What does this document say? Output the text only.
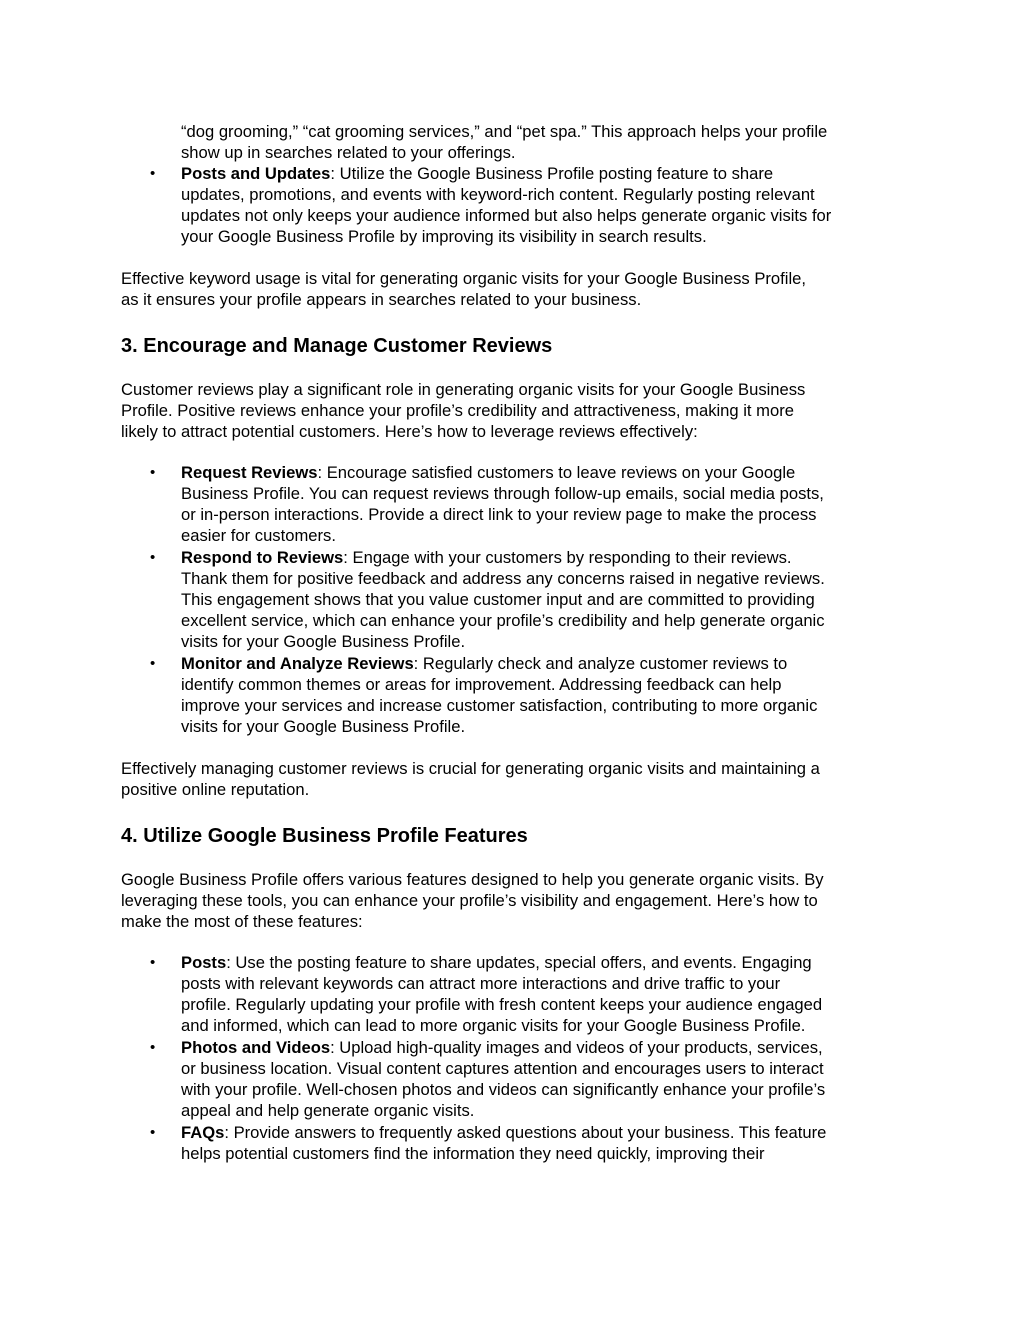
“dog grooming,” “cat grooming services,” and “pet spa.” This approach helps your profile
show up in searches related to your offerings.
• Posts and Updates: Utilize the Google Business Profile posting feature to share
updates, promotions, and events with keyword-rich content. Regularly posting relevant
updates not only keeps your audience informed but also helps generate organic visits for
your Google Business Profile by improving its visibility in search results.
Effective keyword usage is vital for generating organic visits for your Google Business Profile,
as it ensures your profile appears in searches related to your business.
3. Encourage and Manage Customer Reviews
Customer reviews play a significant role in generating organic visits for your Google Business
Profile. Positive reviews enhance your profile’s credibility and attractiveness, making it more
likely to attract potential customers. Here’s how to leverage reviews effectively:
• Request Reviews: Encourage satisfied customers to leave reviews on your Google
Business Profile. You can request reviews through follow-up emails, social media posts,
or in-person interactions. Provide a direct link to your review page to make the process
easier for customers.
• Respond to Reviews: Engage with your customers by responding to their reviews.
Thank them for positive feedback and address any concerns raised in negative reviews.
This engagement shows that you value customer input and are committed to providing
excellent service, which can enhance your profile’s credibility and help generate organic
visits for your Google Business Profile.
• Monitor and Analyze Reviews: Regularly check and analyze customer reviews to
identify common themes or areas for improvement. Addressing feedback can help
improve your services and increase customer satisfaction, contributing to more organic
visits for your Google Business Profile.
Effectively managing customer reviews is crucial for generating organic visits and maintaining a
positive online reputation.
4. Utilize Google Business Profile Features
Google Business Profile offers various features designed to help you generate organic visits. By
leveraging these tools, you can enhance your profile’s visibility and engagement. Here’s how to
make the most of these features:
• Posts: Use the posting feature to share updates, special offers, and events. Engaging
posts with relevant keywords can attract more interactions and drive traffic to your
profile. Regularly updating your profile with fresh content keeps your audience engaged
and informed, which can lead to more organic visits for your Google Business Profile.
• Photos and Videos: Upload high-quality images and videos of your products, services,
or business location. Visual content captures attention and encourages users to interact
with your profile. Well-chosen photos and videos can significantly enhance your profile’s
appeal and help generate organic visits.
• FAQs: Provide answers to frequently asked questions about your business. This feature
helps potential customers find the information they need quickly, improving their
